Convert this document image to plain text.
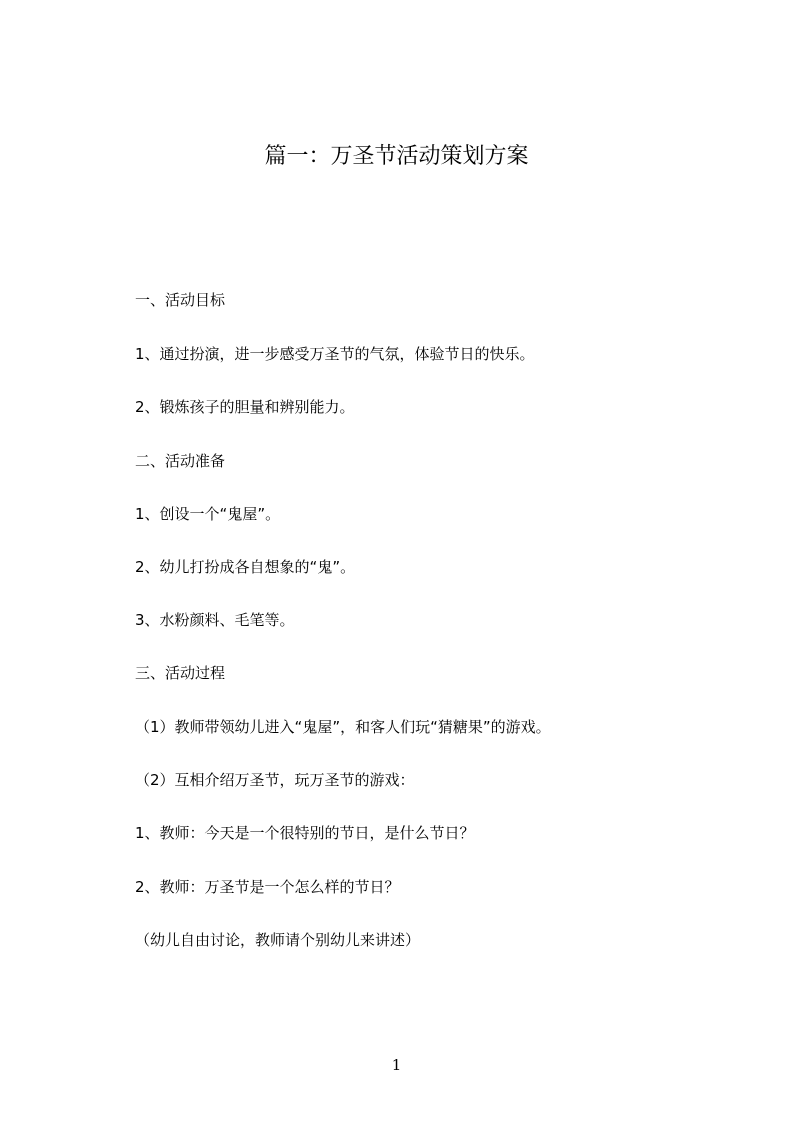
篇一：万圣节活动策划方案

一、活动目标

1、通过扮演，进一步感受万圣节的气氛，体验节日的快乐。

2、锻炼孩子的胆量和辨别能力。

二、活动准备

1、创设一个“鬼屋”。

2、幼儿打扮成各自想象的“鬼”。

3、水粉颜料、毛笔等。

三、活动过程

（1）教师带领幼儿进入“鬼屋”，和客人们玩“猜糖果”的游戏。

（2）互相介绍万圣节，玩万圣节的游戏：

1、教师：今天是一个很特别的节日，是什么节日？

2、教师：万圣节是一个怎么样的节日？

（幼儿自由讨论，教师请个别幼儿来讲述）

1
